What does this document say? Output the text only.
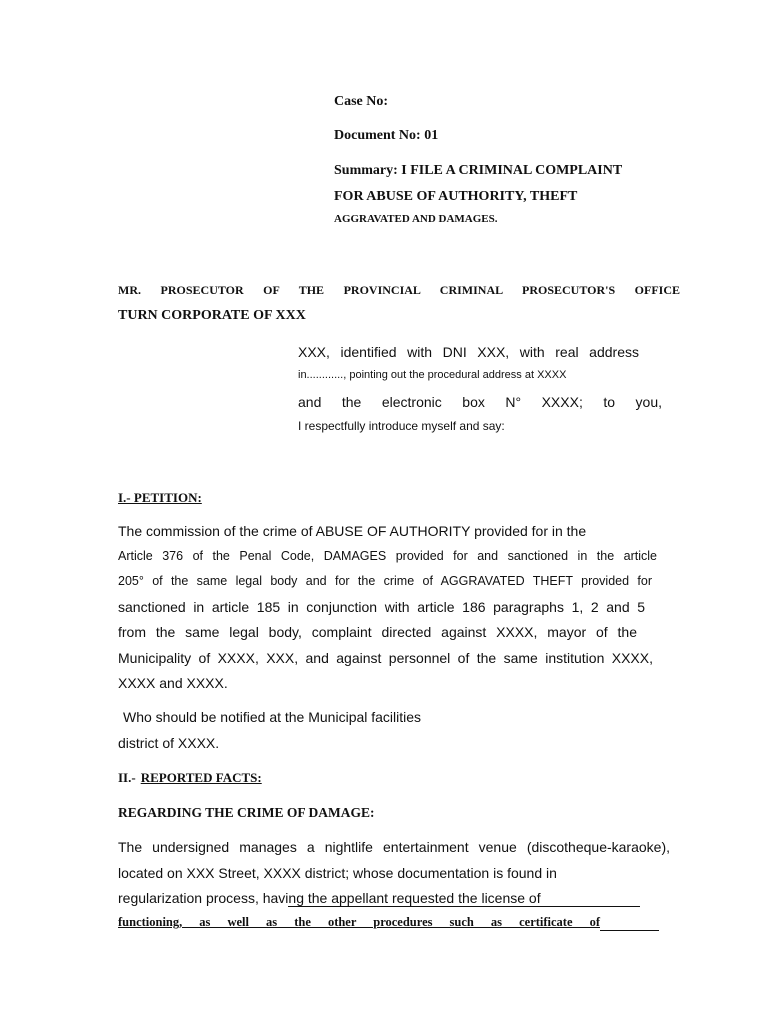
Case No:
Document No: 01
Summary: I FILE A CRIMINAL COMPLAINT
FOR ABUSE OF AUTHORITY, THEFT
AGGRAVATED AND DAMAGES.
MR. PROSECUTOR OF THE PROVINCIAL CRIMINAL PROSECUTOR'S OFFICE
TURN CORPORATE OF XXX
XXX, identified with DNI XXX, with real address
in............, pointing out the procedural address at XXXX
and the electronic box N° XXXX; to you,
I respectfully introduce myself and say:
I.- PETITION:
The commission of the crime of ABUSE OF AUTHORITY provided for in the
Article 376 of the Penal Code, DAMAGES provided for and sanctioned in the article
205° of the same legal body and for the crime of AGGRAVATED THEFT provided for
sanctioned in article 185 in conjunction with article 186 paragraphs 1, 2 and 5
from the same legal body, complaint directed against XXXX, mayor of the
Municipality of XXXX, XXX, and against personnel of the same institution XXXX,
XXXX and XXXX.
Who should be notified at the Municipal facilities
district of XXXX.
II.- REPORTED FACTS:
REGARDING THE CRIME OF DAMAGE:
The undersigned manages a nightlife entertainment venue (discotheque-karaoke),
located on XXX Street, XXXX district; whose documentation is found in
regularization process, having the appellant requested the license of
functioning, as well as the other procedures such as certificate of
